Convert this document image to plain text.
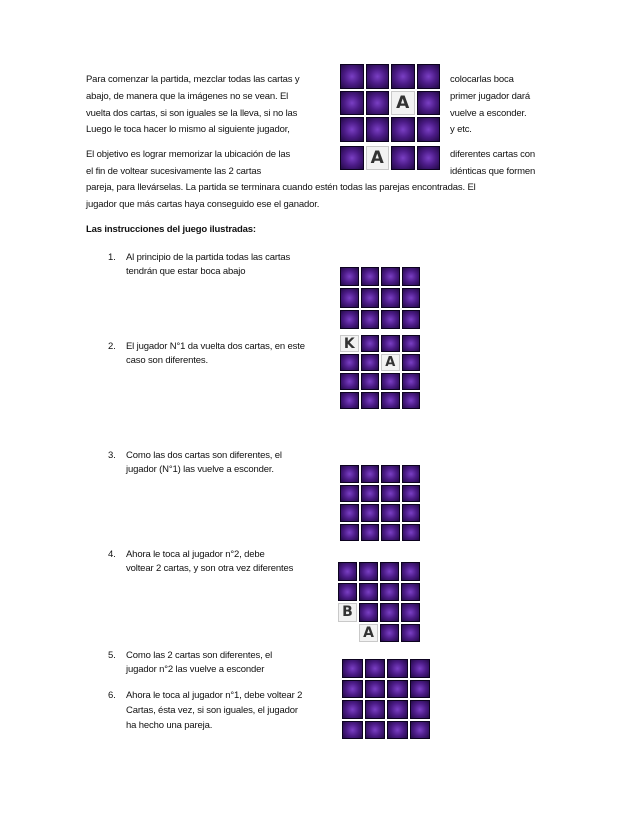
Para comenzar la partida, mezclar todas las cartas y	colocarlas boca
abajo, de manera que la imágenes no se vean. El	primer jugador dará
vuelta dos cartas, si son iguales se la lleva, si no las	vuelve a esconder.
Luego le toca hacer lo mismo al siguiente jugador,	y etc.
A
El objetivo es lograr memorizar la ubicación de las	diferentes cartas con
el fin de voltear sucesivamente las 2 cartas	idénticas que formen
pareja, para llevárselas. La partida se terminara cuando estén todas las parejas encontradas. El
jugador que más cartas haya conseguido ese el ganador.
A
Las instrucciones del juego ilustradas:
1. Al principio de la partida todas las cartas
tendrán que estar boca abajo
2. El jugador N°1 da vuelta dos cartas, en este
caso son diferentes.
K
A
3. Como las dos cartas son diferentes, el
jugador (N°1) las vuelve a esconder.
4. Ahora le toca al jugador n°2, debe
voltear 2 cartas, y son otra vez diferentes
B
A
5. Como las 2 cartas son diferentes, el
jugador n°2 las vuelve a esconder
6. Ahora le toca al jugador n°1, debe voltear 2
Cartas, ésta vez, si son iguales, el jugador
ha hecho una pareja.
